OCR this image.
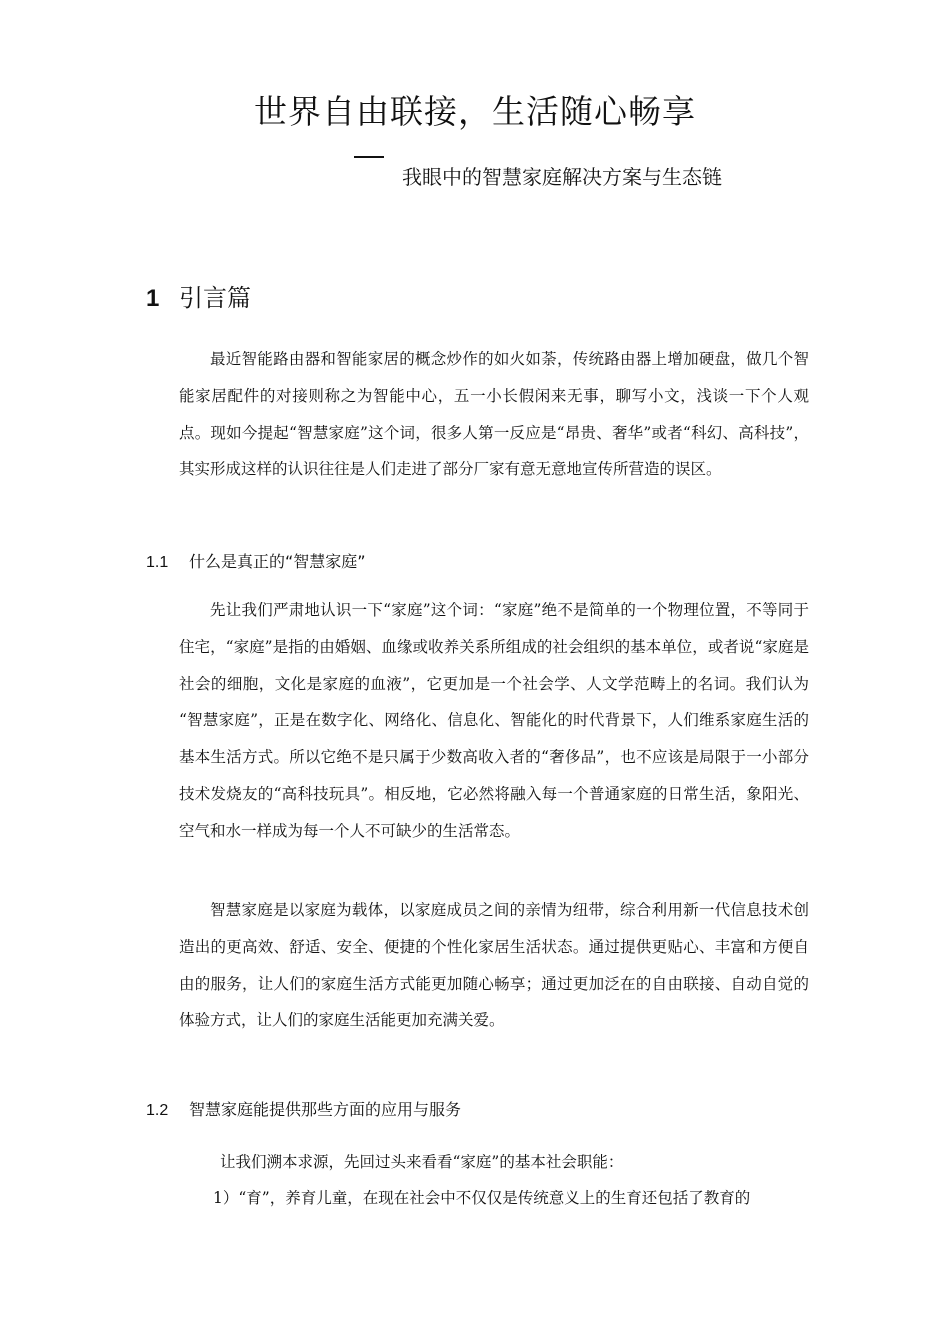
世界自由联接，生活随心畅享
我眼中的智慧家庭解决方案与生态链
1 引言篇

最近智能路由器和智能家居的概念炒作的如火如荼，传统路由器上增加硬盘，做几个智能家居配件的对接则称之为智能中心，五一小长假闲来无事，聊写小文，浅谈一下个人观点。现如今提起“智慧家庭”这个词，很多人第一反应是“昂贵、奢华”或者“科幻、高科技”，其实形成这样的认识往往是人们走进了部分厂家有意无意地宣传所营造的误区。

1.1 什么是真正的“智慧家庭”

先让我们严肃地认识一下“家庭”这个词：“家庭”绝不是简单的一个物理位置，不等同于住宅，“家庭”是指的由婚姻、血缘或收养关系所组成的社会组织的基本单位，或者说“家庭是社会的细胞，文化是家庭的血液”，它更加是一个社会学、人文学范畴上的名词。我们认为 “智慧家庭”，正是在数字化、网络化、信息化、智能化的时代背景下，人们维系家庭生活的基本生活方式。所以它绝不是只属于少数高收入者的“奢侈品”，也不应该是局限于一小部分技术发烧友的“高科技玩具”。相反地，它必然将融入每一个普通家庭的日常生活，象阳光、空气和水一样成为每一个人不可缺少的生活常态。

智慧家庭是以家庭为载体，以家庭成员之间的亲情为纽带，综合利用新一代信息技术创造出的更高效、舒适、安全、便捷的个性化家居生活状态。通过提供更贴心、丰富和方便自由的服务，让人们的家庭生活方式能更加随心畅享；通过更加泛在的自由联接、自动自觉的体验方式，让人们的家庭生活能更加充满关爱。

1.2 智慧家庭能提供那些方面的应用与服务
让我们溯本求源，先回过头来看看“家庭”的基本社会职能：
1）“育”，养育儿童，在现在社会中不仅仅是传统意义上的生育还包括了教育的
